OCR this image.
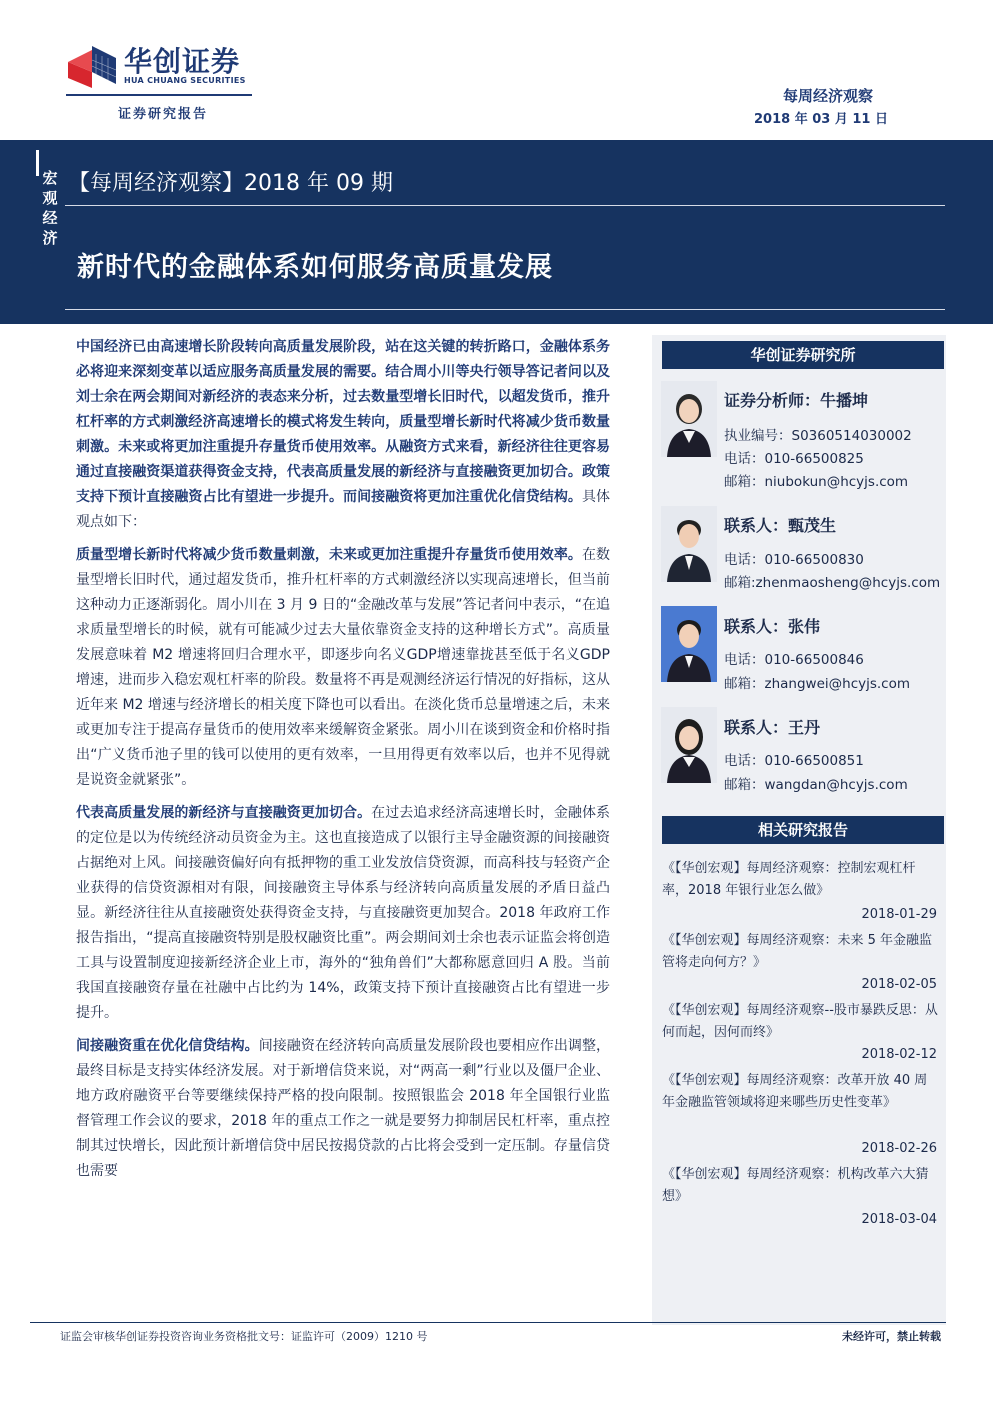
华创证券
HUA CHUANG SECURITIES
证券研究报告
每周经济观察
2018 年 03 月 11 日
宏观经济
【每周经济观察】2018 年 09 期
新时代的金融体系如何服务高质量发展

中国经济已由高速增长阶段转向高质量发展阶段，站在这关键的转折路口，金融体系务必将迎来深刻变革以适应服务高质量发展的需要。结合周小川等央行领导答记者问以及刘士余在两会期间对新经济的表态来分析，过去数量型增长旧时代，以超发货币，推升杠杆率的方式刺激经济高速增长的模式将发生转向，质量型增长新时代将减少货币数量刺激。未来或将更加注重提升存量货币使用效率。从融资方式来看，新经济往往更容易通过直接融资渠道获得资金支持，代表高质量发展的新经济与直接融资更加切合。政策支持下预计直接融资占比有望进一步提升。而间接融资将更加注重优化信贷结构。具体观点如下：

质量型增长新时代将减少货币数量刺激，未来或更加注重提升存量货币使用效率。在数量型增长旧时代，通过超发货币，推升杠杆率的方式刺激经济以实现高速增长，但当前这种动力正逐渐弱化。周小川在 3 月 9 日的“金融改革与发展”答记者问中表示，“在追求质量型增长的时候，就有可能减少过去大量依靠资金支持的这种增长方式”。高质量发展意味着 M2 增速将回归合理水平，即逐步向名义GDP增速靠拢甚至低于名义GDP增速，进而步入稳宏观杠杆率的阶段。数量将不再是观测经济运行情况的好指标，这从近年来 M2 增速与经济增长的相关度下降也可以看出。在淡化货币总量增速之后，未来或更加专注于提高存量货币的使用效率来缓解资金紧张。周小川在谈到资金和价格时指出“广义货币池子里的钱可以使用的更有效率，一旦用得更有效率以后，也并不见得就是说资金就紧张”。

代表高质量发展的新经济与直接融资更加切合。在过去追求经济高速增长时，金融体系的定位是以为传统经济动员资金为主。这也直接造成了以银行主导金融资源的间接融资占据绝对上风。间接融资偏好向有抵押物的重工业发放信贷资源，而高科技与轻资产企业获得的信贷资源相对有限，间接融资主导体系与经济转向高质量发展的矛盾日益凸显。新经济往往从直接融资处获得资金支持，与直接融资更加契合。2018 年政府工作报告指出，“提高直接融资特别是股权融资比重”。两会期间刘士余也表示证监会将创造工具与设置制度迎接新经济企业上市，海外的“独角兽们”大都称愿意回归 A 股。当前我国直接融资存量在社融中占比约为 14%，政策支持下预计直接融资占比有望进一步提升。

间接融资重在优化信贷结构。间接融资在经济转向高质量发展阶段也要相应作出调整，最终目标是支持实体经济发展。对于新增信贷来说，对“两高一剩”行业以及僵尸企业、地方政府融资平台等要继续保持严格的投向限制。按照银监会 2018 年全国银行业监督管理工作会议的要求，2018 年的重点工作之一就是要努力抑制居民杠杆率，重点控制其过快增长，因此预计新增信贷中居民按揭贷款的占比将会受到一定压制。存量信贷也需要

华创证券研究所
证券分析师：牛播坤
执业编号：S0360514030002
电话：010-66500825
邮箱：niubokun@hcyjs.com
联系人：甄茂生
电话：010-66500830
邮箱:zhenmaosheng@hcyjs.com
联系人：张伟
电话：010-66500846
邮箱：zhangwei@hcyjs.com
联系人：王丹
电话：010-66500851
邮箱：wangdan@hcyjs.com
相关研究报告
《【华创宏观】每周经济观察：控制宏观杠杆率，2018 年银行业怎么做》
2018-01-29
《【华创宏观】每周经济观察：未来 5 年金融监管将走向何方？》
2018-02-05
《【华创宏观】每周经济观察--股市暴跌反思：从何而起，因何而终》
2018-02-12
《【华创宏观】每周经济观察：改革开放 40 周年金融监管领域将迎来哪些历史性变革》
2018-02-26
《【华创宏观】每周经济观察：机构改革六大猜想》
2018-03-04
证监会审核华创证券投资咨询业务资格批文号：证监许可（2009）1210 号	未经许可，禁止转载
